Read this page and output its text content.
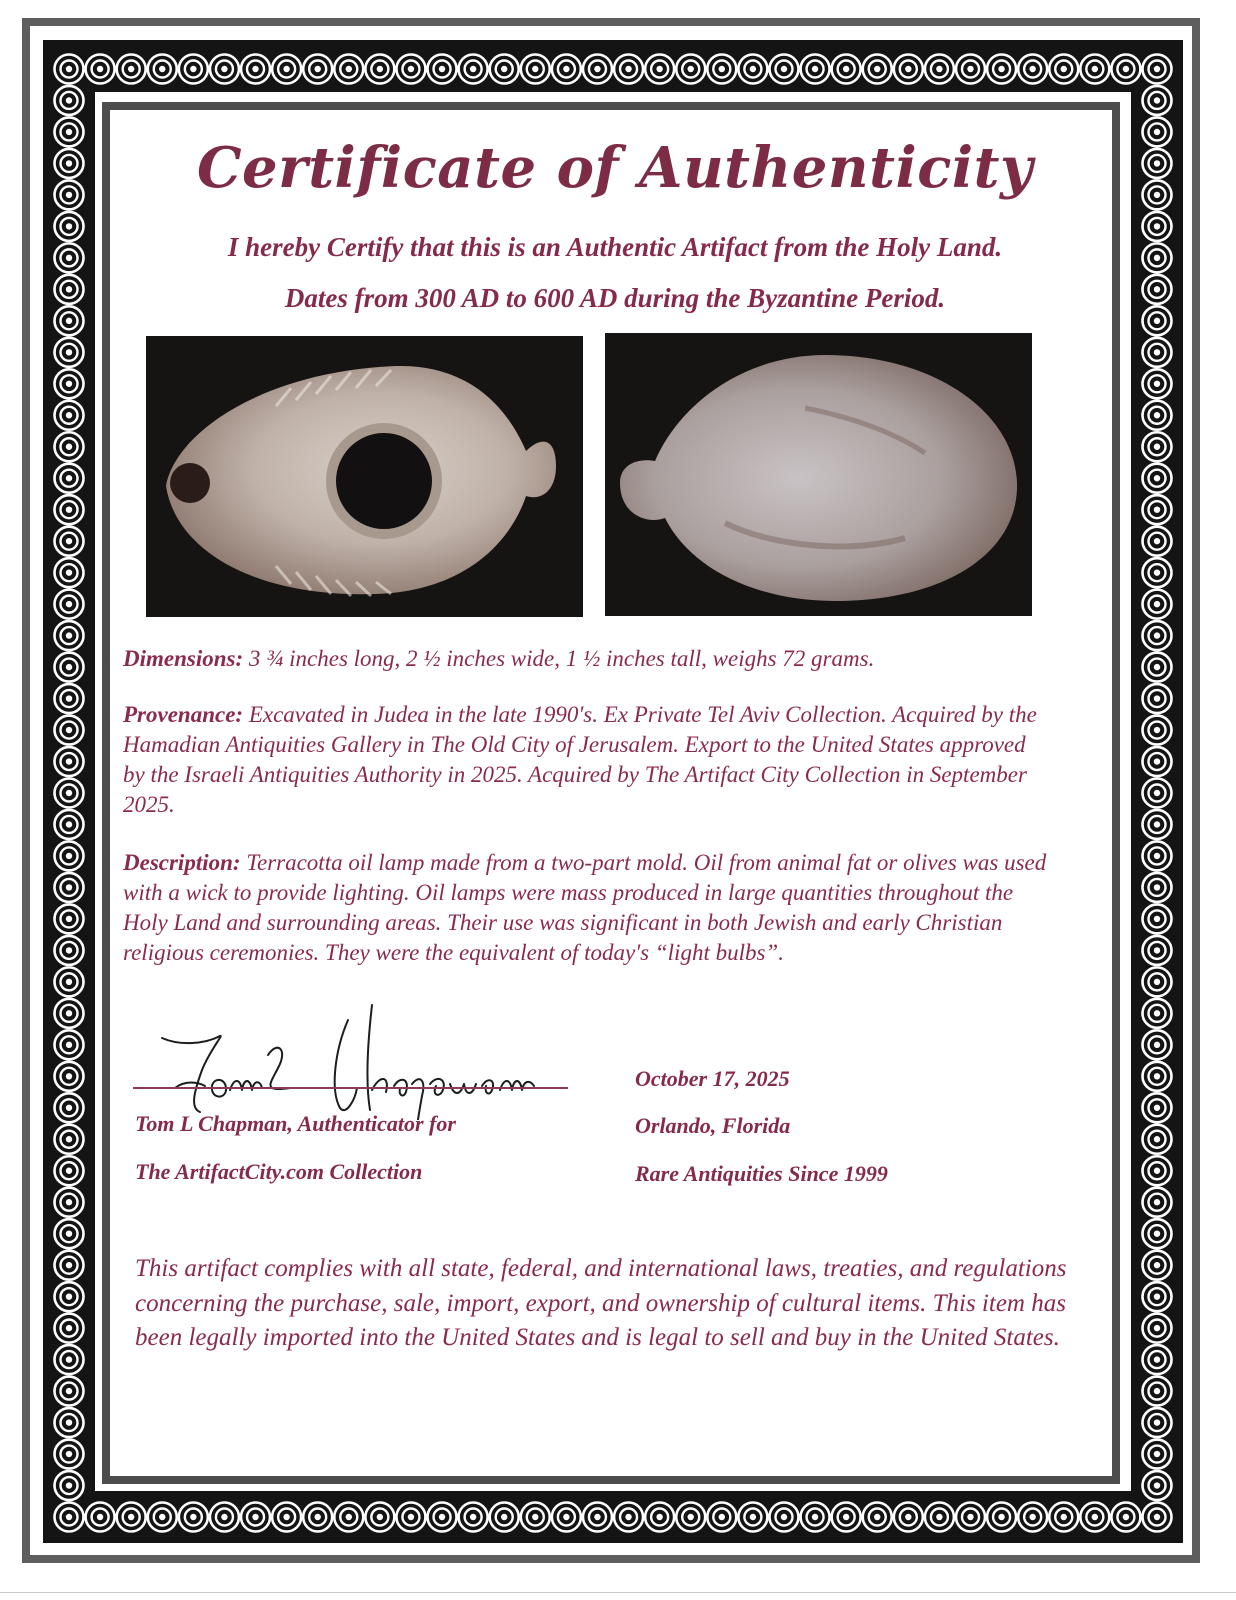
Certificate of Authenticity
I hereby Certify that this is an Authentic Artifact from the Holy Land.
Dates from 300 AD to 600 AD during the Byzantine Period.
Dimensions: 3 ¾ inches long, 2 ½ inches wide, 1 ½ inches tall, weighs 72 grams.
Provenance: Excavated in Judea in the late 1990's. Ex Private Tel Aviv Collection. Acquired by the Hamadian Antiquities Gallery in The Old City of Jerusalem. Export to the United States approved by the Israeli Antiquities Authority in 2025. Acquired by The Artifact City Collection in September 2025.
Description: Terracotta oil lamp made from a two-part mold. Oil from animal fat or olives was used with a wick to provide lighting. Oil lamps were mass produced in large quantities throughout the Holy Land and surrounding areas. Their use was significant in both Jewish and early Christian religious ceremonies. They were the equivalent of today's “light bulbs”.
Tom L Chapman, Authenticator for
The ArtifactCity.com Collection
October 17, 2025
Orlando, Florida
Rare Antiquities Since 1999
This artifact complies with all state, federal, and international laws, treaties, and regulations concerning the purchase, sale, import, export, and ownership of cultural items. This item has been legally imported into the United States and is legal to sell and buy in the United States.
